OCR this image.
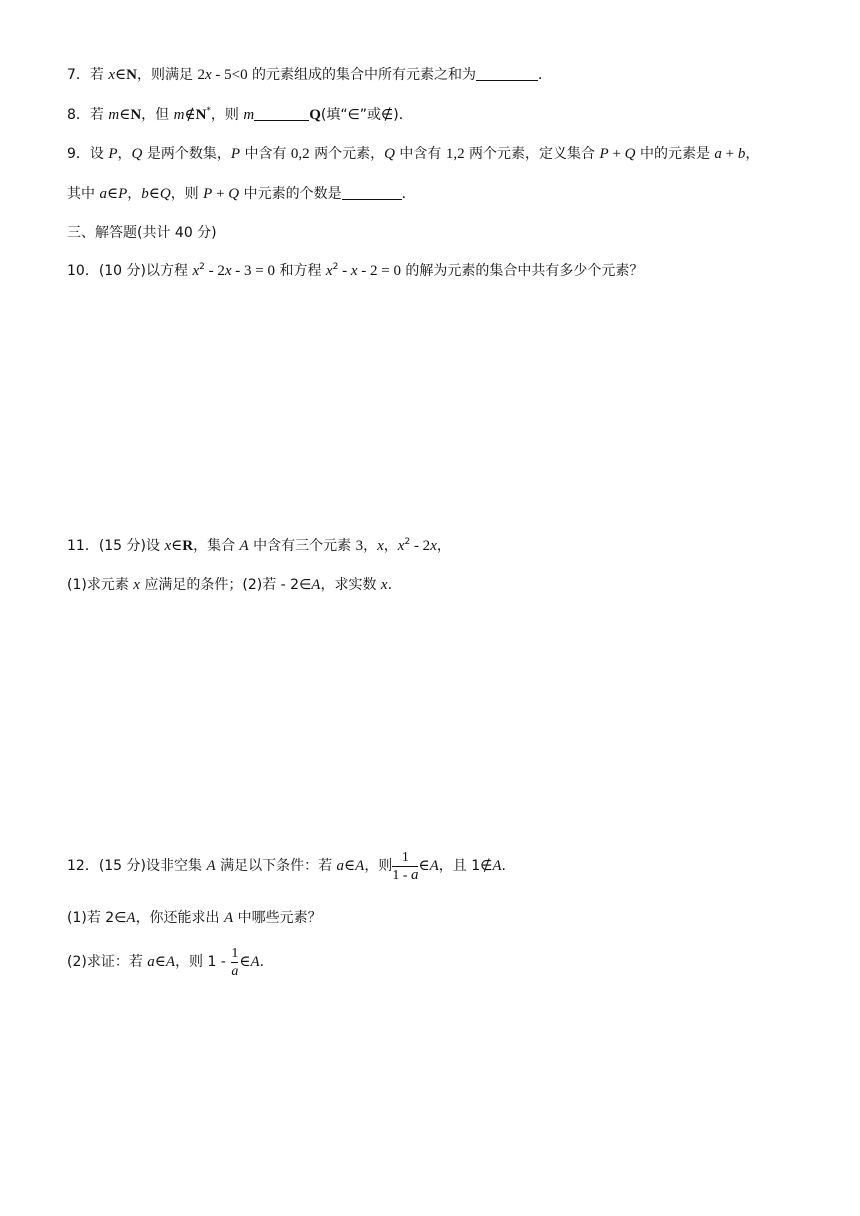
7．若 x∈N，则满足 2x - 5<0 的元素组成的集合中所有元素之和为	．
8．若 m∈N，但 m∉N*，则 m	Q(填“∈”或∉)．
9．设 P，Q 是两个数集，P 中含有 0,2 两个元素，Q 中含有 1,2 两个元素，定义集合 P + Q 中的元素是 a + b，
其中 a∈P，b∈Q，则 P + Q 中元素的个数是	．
三、解答题(共计 40 分)
10．(10 分)以方程 $x^2 - 2x - 3 = 0$ 和方程 $x^2 - x - 2 = 0$ 的解为元素的集合中共有多少个元素？
11．(15 分)设 x∈R，集合 A 中含有三个元素 3，x，$x^2 - 2x$，
(1)求元素 x 应满足的条件；(2)若 - 2∈A，求实数 x.
12．(15 分)设非空集 A 满足以下条件：若 a∈A，则 $\frac{1}{1 - a}$ ∈A，且 1∉A.
(1)若 2∈A，你还能求出 A 中哪些元素？
(2)求证：若 a∈A，则 $1 - \frac{1}{a}$ ∈A.
